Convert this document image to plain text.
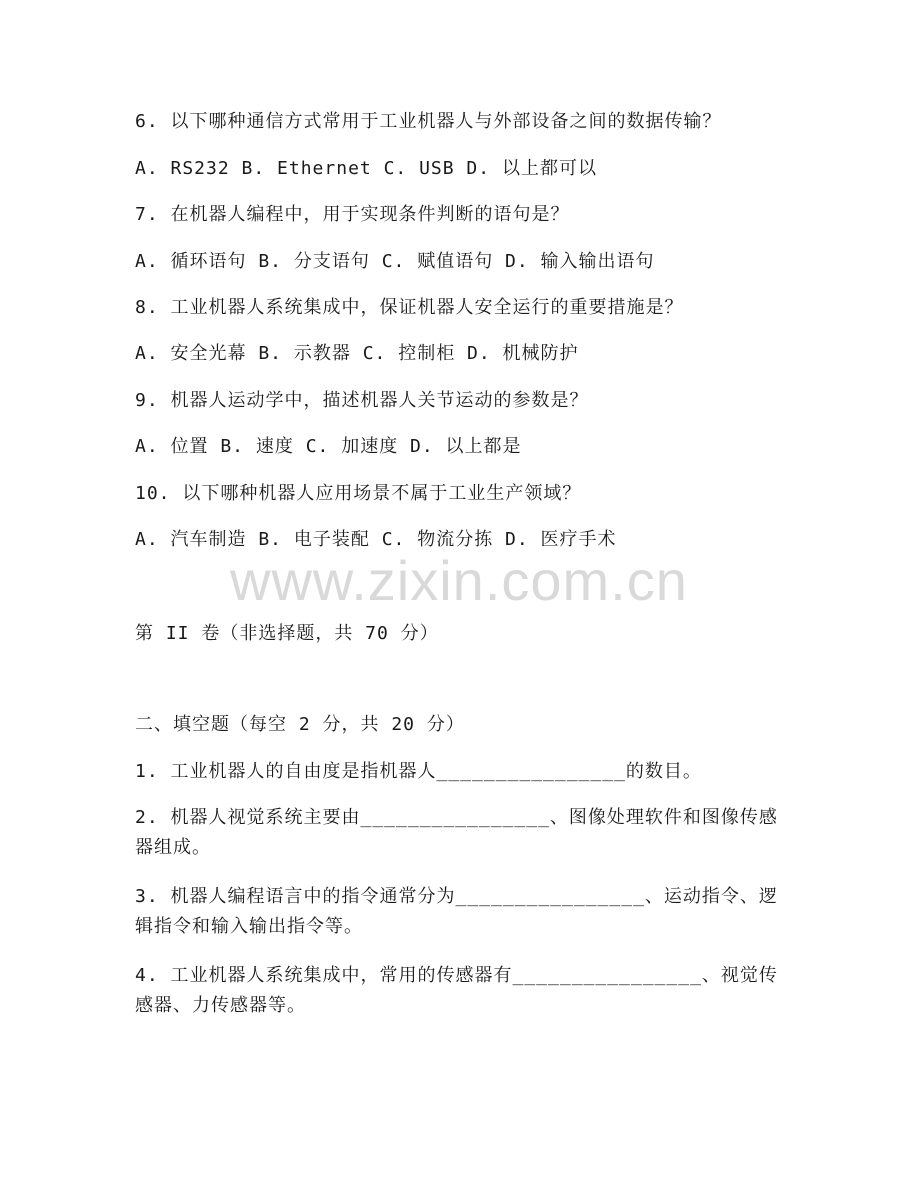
6. 以下哪种通信方式常用于工业机器人与外部设备之间的数据传输？
A. RS232 B. Ethernet C. USB D. 以上都可以
7. 在机器人编程中，用于实现条件判断的语句是？
A. 循环语句 B. 分支语句 C. 赋值语句 D. 输入输出语句
8. 工业机器人系统集成中，保证机器人安全运行的重要措施是？
A. 安全光幕 B. 示教器 C. 控制柜 D. 机械防护
9. 机器人运动学中，描述机器人关节运动的参数是？
A. 位置 B. 速度 C. 加速度 D. 以上都是
10. 以下哪种机器人应用场景不属于工业生产领域？
A. 汽车制造 B. 电子装配 C. 物流分拣 D. 医疗手术
www.zixin.com.cn
第 II 卷（非选择题，共 70 分）
二、填空题（每空 2 分，共 20 分）
1. 工业机器人的自由度是指机器人________________的数目。
2. 机器人视觉系统主要由________________、图像处理软件和图像传感器组成。
3. 机器人编程语言中的指令通常分为________________、运动指令、逻辑指令和输入输出指令等。
4. 工业机器人系统集成中，常用的传感器有________________、视觉传感器、力传感器等。
